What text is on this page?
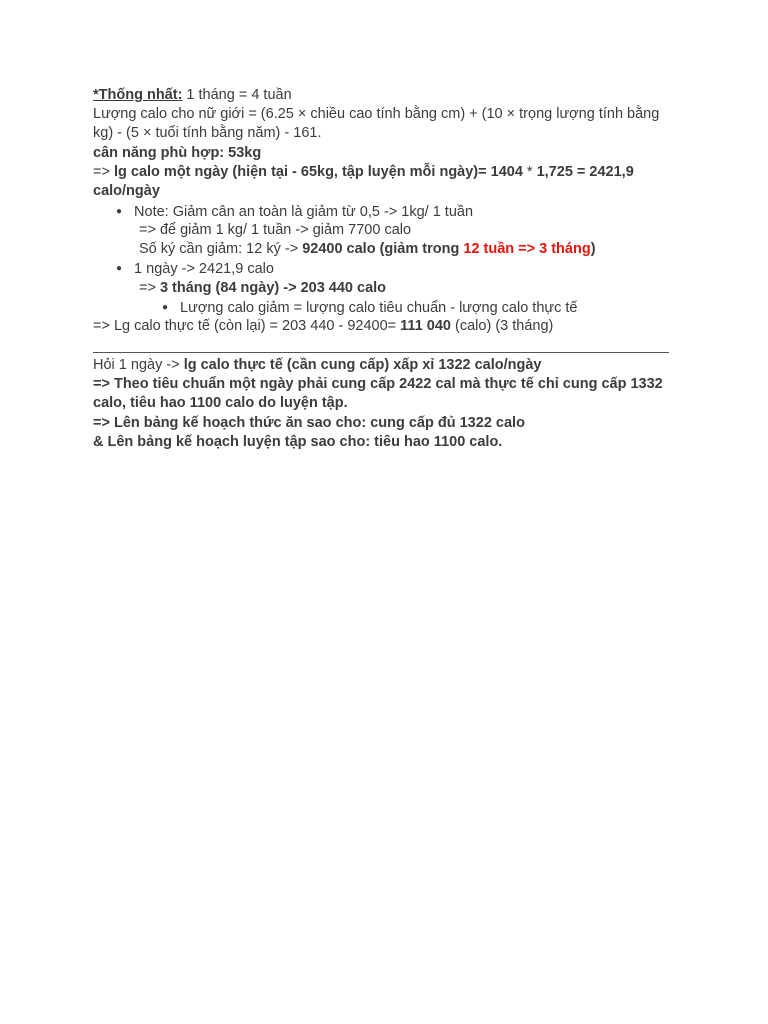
*Thống nhất: 1 tháng = 4 tuần
Lượng calo cho nữ giới = (6.25 × chiều cao tính bằng cm) + (10 × trọng lượng tính bằng kg) - (5 × tuổi tính bằng năm) - 161.
cân năng phù hợp: 53kg
=> lg calo một ngày (hiện tại - 65kg, tập luyện mỗi ngày)= 1404 * 1,725 = 2421,9 calo/ngày
● Note: Giảm cân an toàn là giảm từ 0,5 -> 1kg/ 1 tuần
=> để giảm 1 kg/ 1 tuần -> giảm 7700 calo
Số ký cần giảm: 12 ký -> 92400 calo (giảm trong 12 tuần => 3 tháng)
● 1 ngày -> 2421,9 calo
=> 3 tháng (84 ngày) -> 203 440 calo
● Lượng calo giảm = lượng calo tiêu chuẩn - lượng calo thực tế
=> Lg calo thực tế (còn lại) = 203 440 - 92400= 111 040 (calo) (3 tháng)
Hỏi 1 ngày -> lg calo thực tế (cần cung cấp) xấp xỉ 1322 calo/ngày
=> Theo tiêu chuẩn một ngày phải cung cấp 2422 cal mà thực tế chỉ cung cấp 1332 calo, tiêu hao 1100 calo do luyện tập.
=> Lên bảng kế hoạch thức ăn sao cho: cung cấp đủ 1322 calo
& Lên bảng kế hoạch luyện tập sao cho: tiêu hao 1100 calo.
